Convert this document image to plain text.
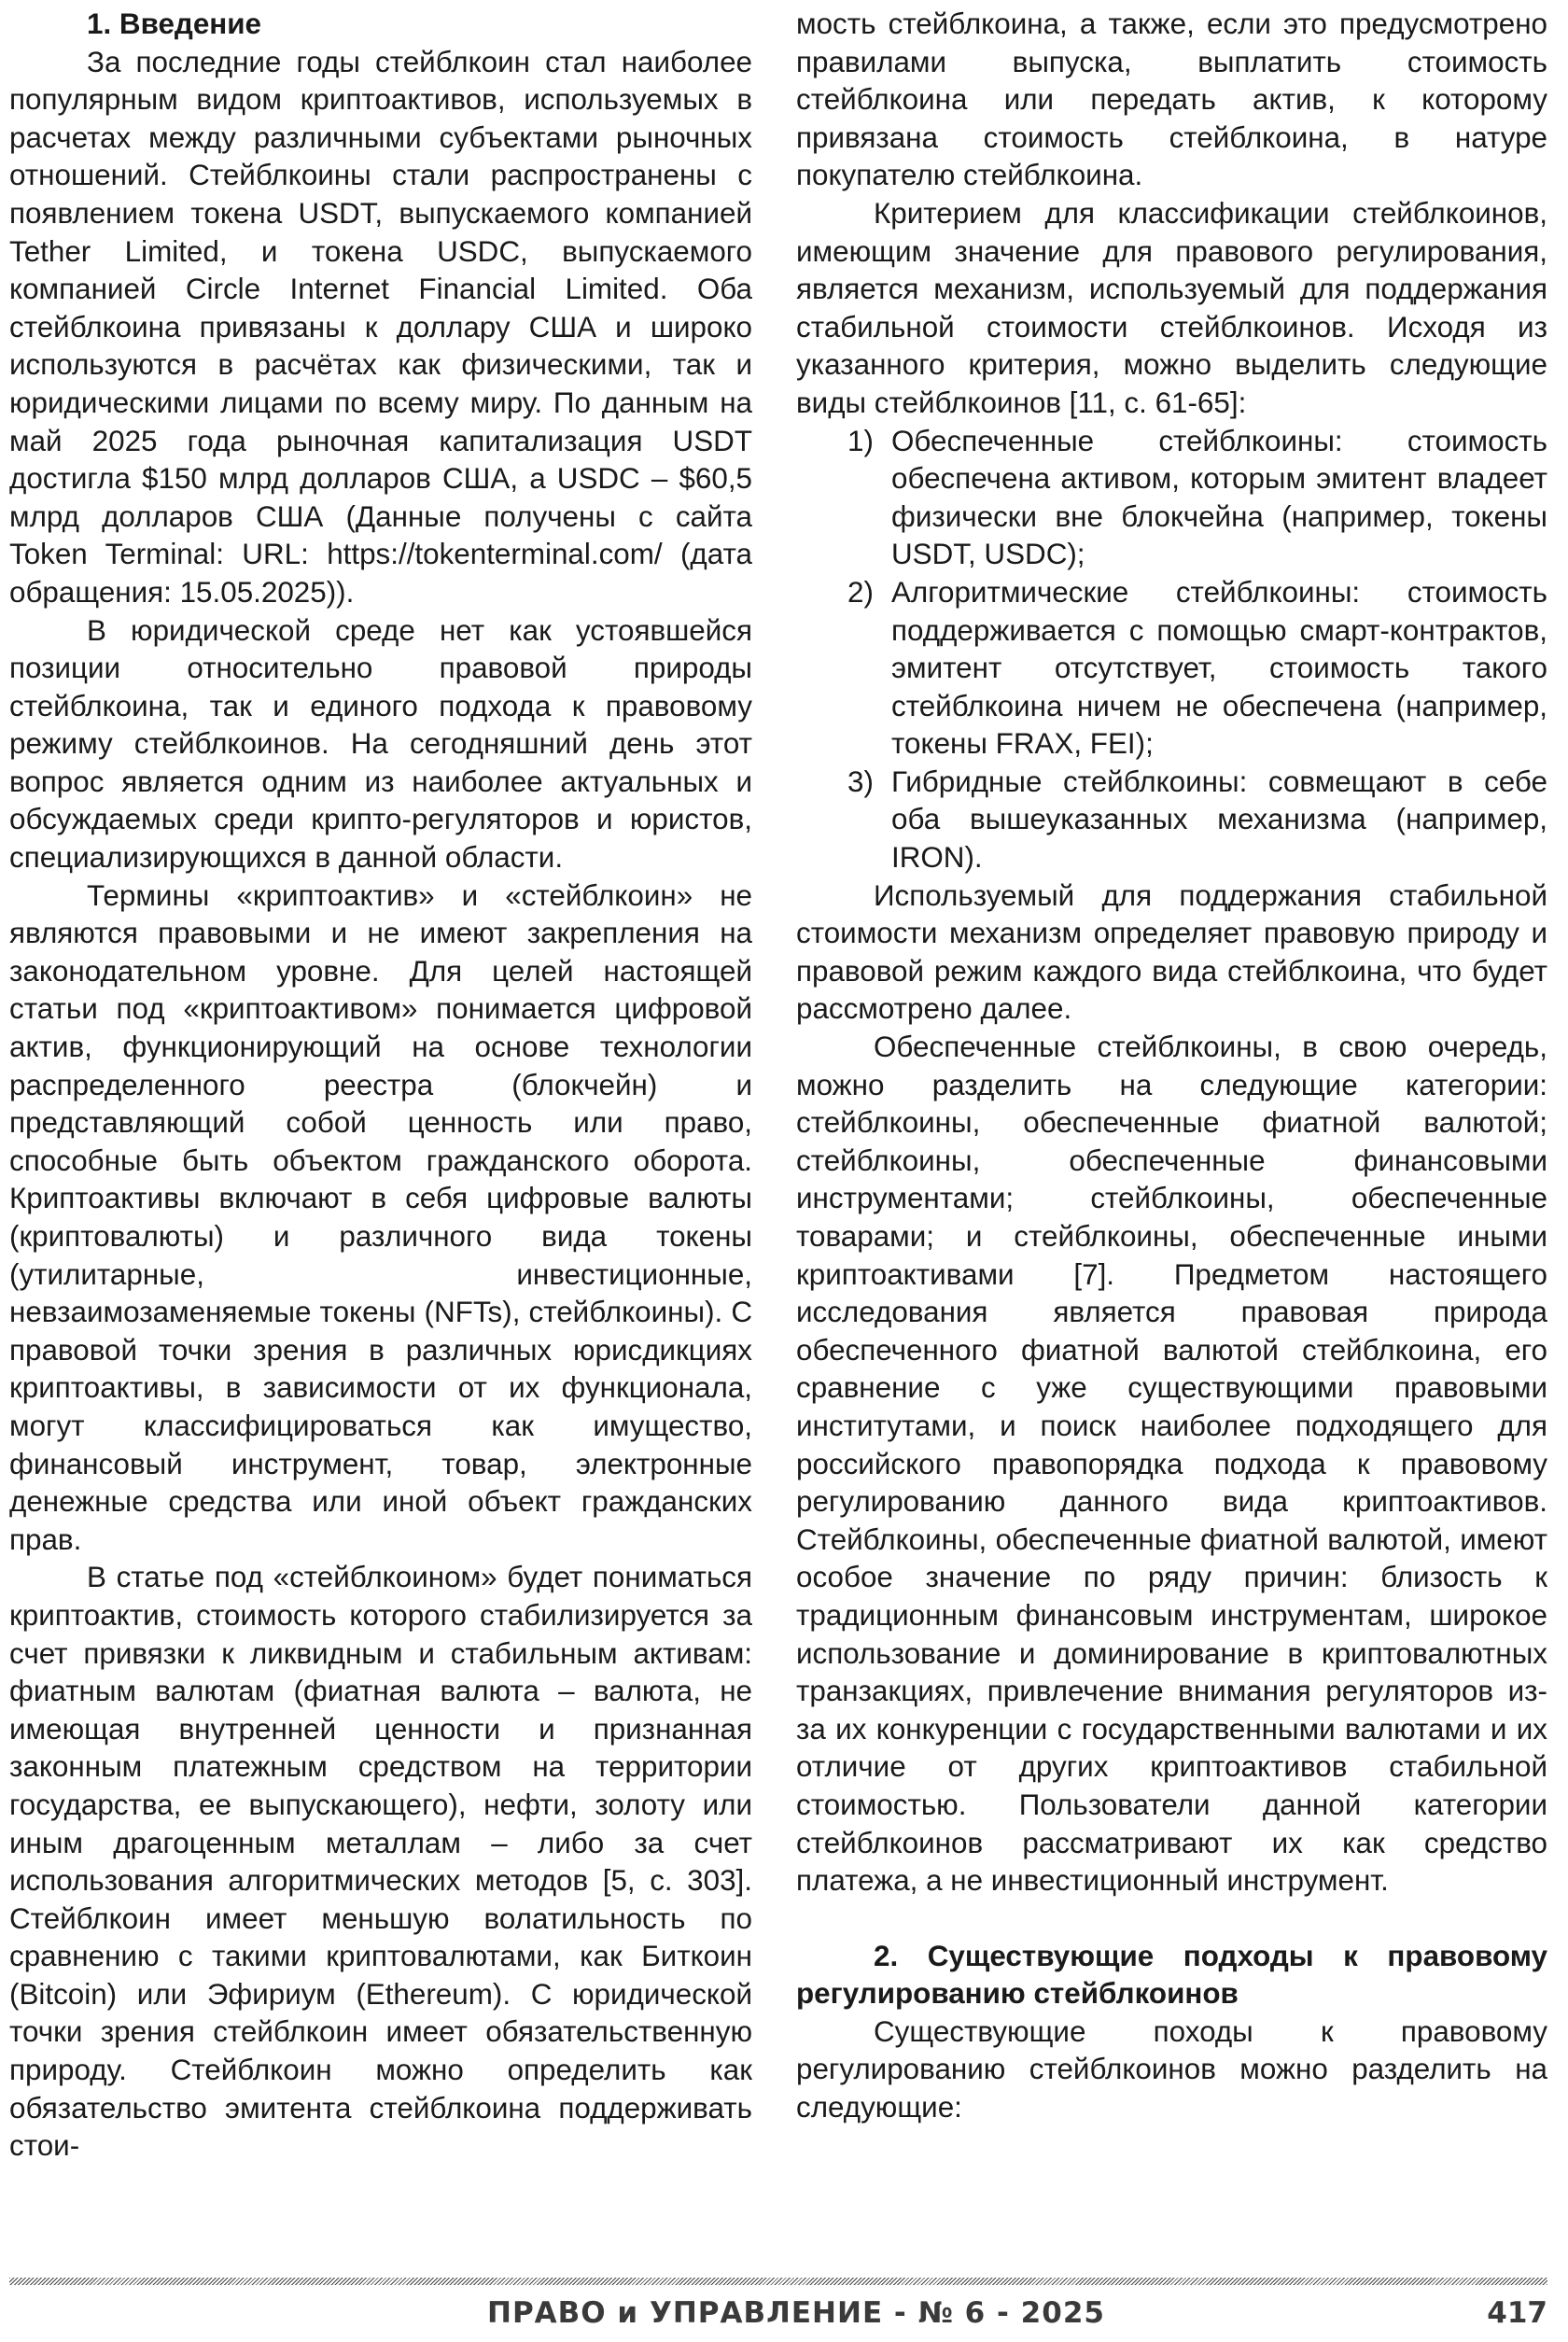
1. Введение

За последние годы стейблкоин стал наиболее популярным видом криптоактивов, используемых в расчетах между различными субъектами рыночных отношений. Стейблкоины стали распространены с появлением токена USDT, выпускаемого компанией Tether Limited, и токена USDC, выпускаемого компанией Circle Internet Financial Limited. Оба стейблкоина привязаны к доллару США и широко используются в расчётах как физическими, так и юридическими лицами по всему миру. По данным на май 2025 года рыночная капитализация USDT достигла $150 млрд долларов США, а USDC – $60,5 млрд долларов США (Данные получены с сайта Token Terminal: URL: https://tokenterminal.com/ (дата обращения: 15.05.2025)).

В юридической среде нет как устоявшейся позиции относительно правовой природы стейблкоина, так и единого подхода к правовому режиму стейблкоинов. На сегодняшний день этот вопрос является одним из наиболее актуальных и обсуждаемых среди крипто-регуляторов и юристов, специализирующихся в данной области.

Термины «криптоактив» и «стейблкоин» не являются правовыми и не имеют закрепления на законодательном уровне. Для целей настоящей статьи под «криптоактивом» понимается цифровой актив, функционирующий на основе технологии распределенного реестра (блокчейн) и представляющий собой ценность или право, способные быть объектом гражданского оборота. Криптоактивы включают в себя цифровые валюты (криптовалюты) и различного вида токены (утилитарные, инвестиционные, невзаимозаменяемые токены (NFTs), стейблкоины). С правовой точки зрения в различных юрисдикциях криптоактивы, в зависимости от их функционала, могут классифицироваться как имущество, финансовый инструмент, товар, электронные денежные средства или иной объект гражданских прав.

В статье под «стейблкоином» будет пониматься криптоактив, стоимость которого стабилизируется за счет привязки к ликвидным и стабильным активам: фиатным валютам (фиатная валюта – валюта, не имеющая внутренней ценности и признанная законным платежным средством на территории государства, ее выпускающего), нефти, золоту или иным драгоценным металлам – либо за счет использования алгоритмических методов [5, с. 303]. Стейблкоин имеет меньшую волатильность по сравнению с такими криптовалютами, как Биткоин (Bitcoin) или Эфириум (Ethereum). С юридической точки зрения стейблкоин имеет обязательственную природу. Стейблкоин можно определить как обязательство эмитента стейблкоина поддерживать стои-

мость стейблкоина, а также, если это предусмотрено правилами выпуска, выплатить стоимость стейблкоина или передать актив, к которому привязана стоимость стейблкоина, в натуре покупателю стейблкоина.

Критерием для классификации стейблкоинов, имеющим значение для правового регулирования, является механизм, используемый для поддержания стабильной стоимости стейблкоинов. Исходя из указанного критерия, можно выделить следующие виды стейблкоинов [11, с. 61-65]:

1) Обеспеченные стейблкоины: стоимость обеспечена активом, которым эмитент владеет физически вне блокчейна (например, токены USDT, USDC);
2) Алгоритмические стейблкоины: стоимость поддерживается с помощью смарт-контрактов, эмитент отсутствует, стоимость такого стейблкоина ничем не обеспечена (например, токены FRAX, FEI);
3) Гибридные стейблкоины: совмещают в себе оба вышеуказанных механизма (например, IRON).

Используемый для поддержания стабильной стоимости механизм определяет правовую природу и правовой режим каждого вида стейблкоина, что будет рассмотрено далее.

Обеспеченные стейблкоины, в свою очередь, можно разделить на следующие категории: стейблкоины, обеспеченные фиатной валютой; стейблкоины, обеспеченные финансовыми инструментами; стейблкоины, обеспеченные товарами; и стейблкоины, обеспеченные иными криптоактивами [7]. Предметом настоящего исследования является правовая природа обеспеченного фиатной валютой стейблкоина, его сравнение с уже существующими правовыми институтами, и поиск наиболее подходящего для российского правопорядка подхода к правовому регулированию данного вида криптоактивов. Стейблкоины, обеспеченные фиатной валютой, имеют особое значение по ряду причин: близость к традиционным финансовым инструментам, широкое использование и доминирование в криптовалютных транзакциях, привлечение внимания регуляторов из-за их конкуренции с государственными валютами и их отличие от других криптоактивов стабильной стоимостью. Пользователи данной категории стейблкоинов рассматривают их как средство платежа, а не инвестиционный инструмент.

2. Существующие подходы к правовому регулированию стейблкоинов

Существующие походы к правовому регулированию стейблкоинов можно разделить на следующие:

ПРАВО и УПРАВЛЕНИЕ - № 6 - 2025	417
